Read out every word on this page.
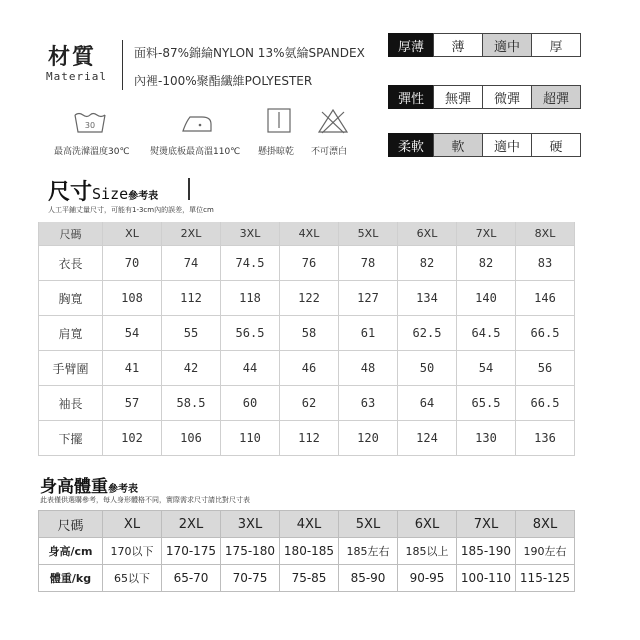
材質
Material
面料-87%錦綸NYLON 13%氨綸SPANDEX
內裡-100%聚酯纖維POLYESTER
厚薄	薄	適中	厚
彈性	無彈	微彈	超彈
柔軟	軟	適中	硬
30
最高洗滌溫度30℃ 熨燙底板最高溫110℃ 懸掛晾乾 不可漂白
尺寸Size參考表
人工平鋪丈量尺寸，可能有1-3cm內的誤差，單位cm
尺碼	XL	2XL	3XL	4XL	5XL	6XL	7XL	8XL
衣長	70	74	74.5	76	78	82	82	83
胸寬	108	112	118	122	127	134	140	146
肩寬	54	55	56.5	58	61	62.5	64.5	66.5
手臂圍	41	42	44	46	48	50	54	56
袖長	57	58.5	60	62	63	64	65.5	66.5
下擺	102	106	110	112	120	124	130	136
身高體重參考表
此表僅供選購參考，每人身形體格不同，實際需求尺寸請比對尺寸表
尺碼	XL	2XL	3XL	4XL	5XL	6XL	7XL	8XL
身高/cm	170以下	170-175	175-180	180-185	185左右	185以上	185-190	190左右
體重/kg	65以下	65-70	70-75	75-85	85-90	90-95	100-110	115-125
